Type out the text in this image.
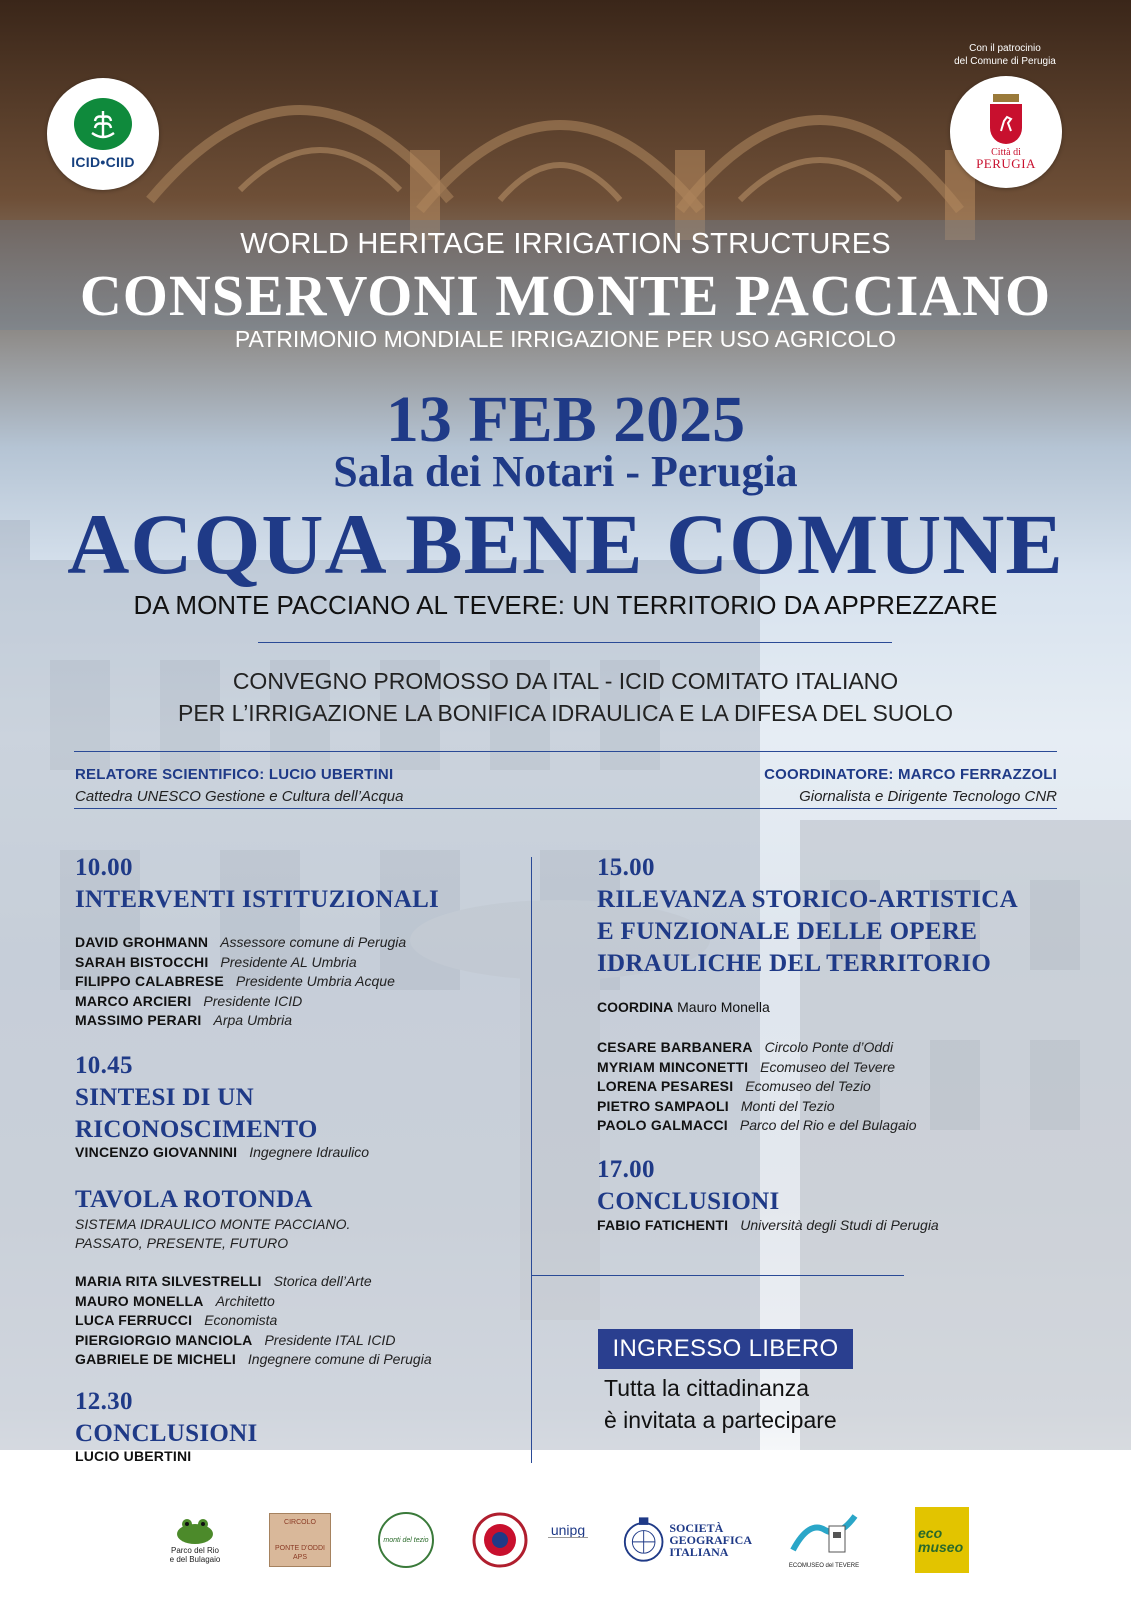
ICID•CIID
Con il patrocinio
del Comune di Perugia
Città di
PERUGIA
WORLD HERITAGE IRRIGATION STRUCTURES
CONSERVONI MONTE PACCIANO
PATRIMONIO MONDIALE IRRIGAZIONE PER USO AGRICOLO
13 FEB 2025
Sala dei Notari - Perugia
ACQUA BENE COMUNE
DA MONTE PACCIANO AL TEVERE: UN TERRITORIO DA APPREZZARE
CONVEGNO PROMOSSO DA ITAL - ICID COMITATO ITALIANO
PER L’IRRIGAZIONE LA BONIFICA IDRAULICA E LA DIFESA DEL SUOLO
RELATORE SCIENTIFICO: LUCIO UBERTINI
Cattedra UNESCO Gestione e Cultura dell’Acqua
COORDINATORE: MARCO FERRAZZOLI
Giornalista e Dirigente Tecnologo CNR
10.00
INTERVENTI ISTITUZIONALI
DAVID GROHMANN Assessore comune di Perugia
SARAH BISTOCCHI Presidente AL Umbria
FILIPPO CALABRESE Presidente Umbria Acque
MARCO ARCIERI Presidente ICID
MASSIMO PERARI Arpa Umbria
10.45
SINTESI DI UN
RICONOSCIMENTO
VINCENZO GIOVANNINI Ingegnere Idraulico
TAVOLA ROTONDA
SISTEMA IDRAULICO MONTE PACCIANO.
PASSATO, PRESENTE, FUTURO
MARIA RITA SILVESTRELLI Storica dell’Arte
MAURO MONELLA Architetto
LUCA FERRUCCI Economista
PIERGIORGIO MANCIOLA Presidente ITAL ICID
GABRIELE DE MICHELI Ingegnere comune di Perugia
12.30
CONCLUSIONI
LUCIO UBERTINI
15.00
RILEVANZA STORICO-ARTISTICA
E FUNZIONALE DELLE OPERE
IDRAULICHE DEL TERRITORIO
COORDINA Mauro Monella
CESARE BARBANERA Circolo Ponte d’Oddi
MYRIAM MINCONETTI Ecomuseo del Tevere
LORENA PESARESI Ecomuseo del Tezio
PIETRO SAMPAOLI Monti del Tezio
PAOLO GALMACCI Parco del Rio e del Bulagaio
17.00
CONCLUSIONI
FABIO FATICHENTI Università degli Studi di Perugia
INGRESSO LIBERO
Tutta la cittadinanza
è invitata a partecipare
Parco del Rio
e del Bulagaio
CIRCOLO
PONTE D'ODDI APS
monti del tezio
unipg	SOCIETÀ
GEOGRAFICA
ITALIANA
ECOMUSEO del TEVERE
eco
museo
